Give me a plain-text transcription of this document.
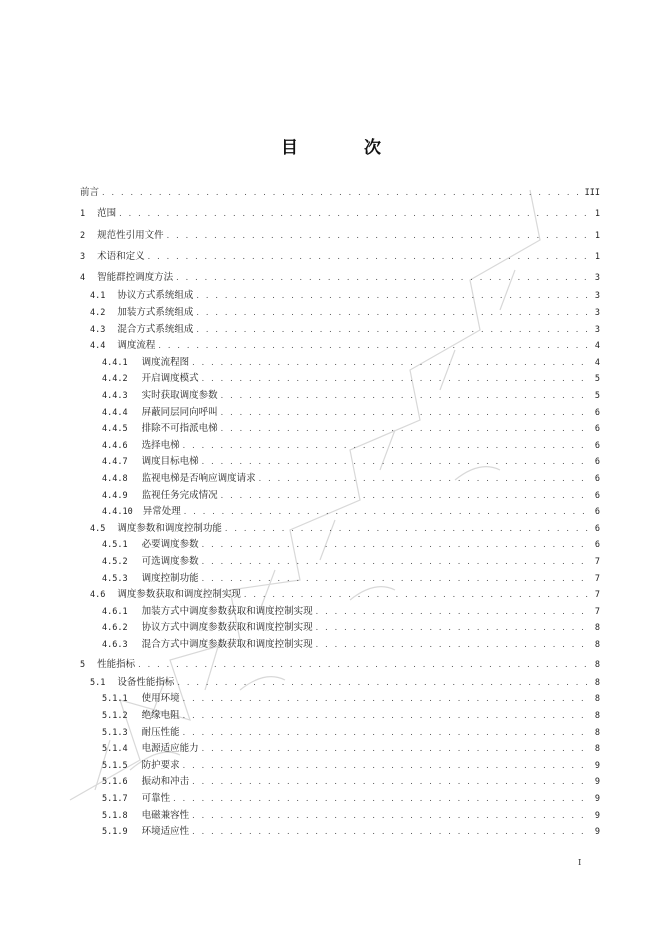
目 次
前言 . . .	III
1 范围 . . .	1
2 规范性引用文件 . . .	1
3 术语和定义 . . .	1
4 智能群控调度方法 . . .	3
4.1 协议方式系统组成 . . .	3
4.2 加装方式系统组成 . . .	3
4.3 混合方式系统组成 . . .	3
4.4 调度流程 . . .	4
4.4.1 调度流程图 . . .	4
4.4.2 开启调度模式 . . .	5
4.4.3 实时获取调度参数 . . .	5
4.4.4 屏蔽同层同向呼叫 . . .	6
4.4.5 排除不可指派电梯 . . .	6
4.4.6 选择电梯 . . .	6
4.4.7 调度目标电梯 . . .	6
4.4.8 监视电梯是否响应调度请求 . . .	6
4.4.9 监视任务完成情况 . . .	6
4.4.10 异常处理 . . .	6
4.5 调度参数和调度控制功能 . . .	6
4.5.1 必要调度参数 . . .	6
4.5.2 可选调度参数 . . .	7
4.5.3 调度控制功能 . . .	7
4.6 调度参数获取和调度控制实现 . . .	7
4.6.1 加装方式中调度参数获取和调度控制实现 . . .	7
4.6.2 协议方式中调度参数获取和调度控制实现 . . .	8
4.6.3 混合方式中调度参数获取和调度控制实现 . . .	8
5 性能指标 . . .	8
5.1 设备性能指标 . . .	8
5.1.1 使用环境 . . .	8
5.1.2 绝缘电阻 . . .	8
5.1.3 耐压性能 . . .	8
5.1.4 电源适应能力 . . .	8
5.1.5 防护要求 . . .	9
5.1.6 振动和冲击 . . .	9
5.1.7 可靠性 . . .	9
5.1.8 电磁兼容性 . . .	9
5.1.9 环境适应性 . . .	9
I
